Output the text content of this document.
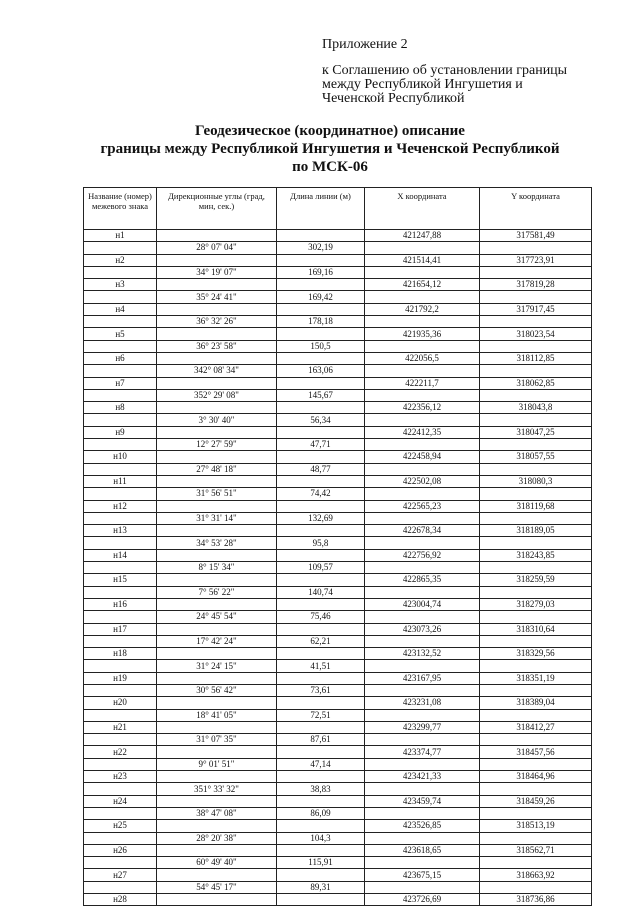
Приложение 2
к Соглашению об установлении границы
между Республикой Ингушетия и
Чеченской Республикой
Геодезическое (координатное) описание
границы между Республикой Ингушетия и Чеченской Республикой
по МСК-06
Название (номер) межевого знака	Дирекционные углы (град, мин, сек.)	Длина линии (м)	X координата	Y координата
н1			421247,88	317581,49
	28° 07' 04"	302,19		
н2			421514,41	317723,91
	34° 19' 07"	169,16		
н3			421654,12	317819,28
	35° 24' 41"	169,42		
н4			421792,2	317917,45
	36° 32' 26"	178,18		
н5			421935,36	318023,54
	36° 23' 58"	150,5		
н6			422056,5	318112,85
	342° 08' 34"	163,06		
н7			422211,7	318062,85
	352° 29' 08"	145,67		
н8			422356,12	318043,8
	3° 30' 40"	56,34		
н9			422412,35	318047,25
	12° 27' 59"	47,71		
н10			422458,94	318057,55
	27° 48' 18"	48,77		
н11			422502,08	318080,3
	31° 56' 51"	74,42		
н12			422565,23	318119,68
	31° 31' 14"	132,69		
н13			422678,34	318189,05
	34° 53' 28"	95,8		
н14			422756,92	318243,85
	8° 15' 34"	109,57		
н15			422865,35	318259,59
	7° 56' 22"	140,74		
н16			423004,74	318279,03
	24° 45' 54"	75,46		
н17			423073,26	318310,64
	17° 42' 24"	62,21		
н18			423132,52	318329,56
	31° 24' 15"	41,51		
н19			423167,95	318351,19
	30° 56' 42"	73,61		
н20			423231,08	318389,04
	18° 41' 05"	72,51		
н21			423299,77	318412,27
	31° 07' 35"	87,61		
н22			423374,77	318457,56
	9° 01' 51"	47,14		
н23			423421,33	318464,96
	351° 33' 32"	38,83		
н24			423459,74	318459,26
	38° 47' 08"	86,09		
н25			423526,85	318513,19
	28° 20' 38"	104,3		
н26			423618,65	318562,71
	60° 49' 40"	115,91		
н27			423675,15	318663,92
	54° 45' 17"	89,31		
н28			423726,69	318736,86
